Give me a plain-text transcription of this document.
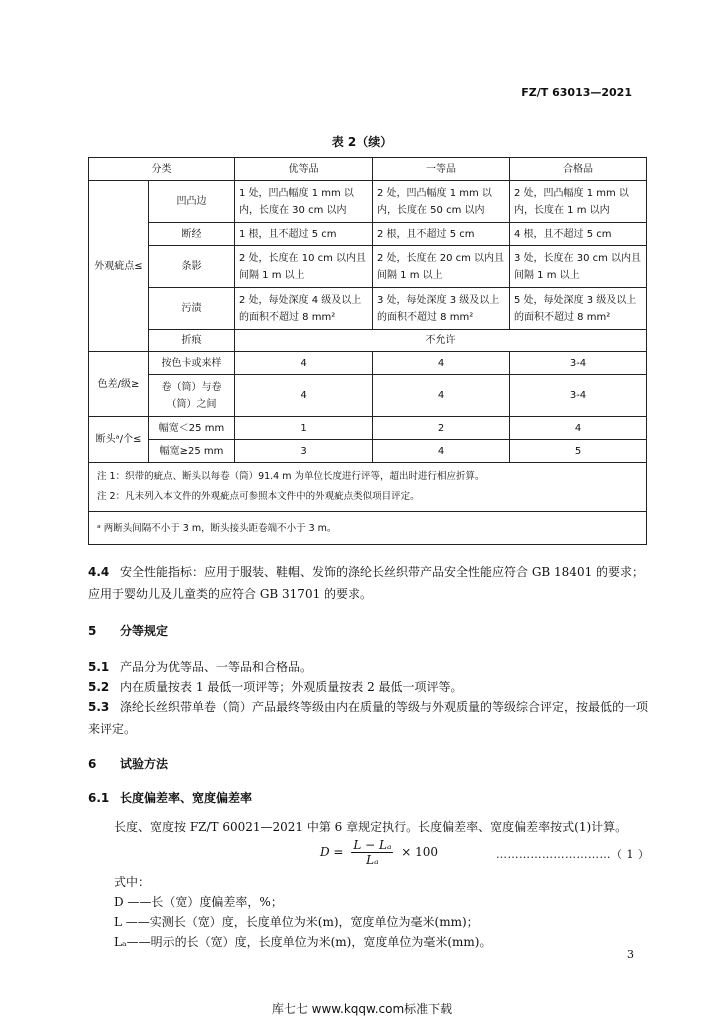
FZ/T 63013—2021
表 2（续）
分类		优等品	一等品	合格品
外观疵点≤	凹凸边	1 处，凹凸幅度 1 mm 以内，长度在 30 cm 以内	2 处，凹凸幅度 1 mm 以内，长度在 50 cm 以内	2 处，凹凸幅度 1 mm 以内，长度在 1 m 以内
	断经	1 根，且不超过 5 cm	2 根，且不超过 5 cm	4 根，且不超过 5 cm
	条影	2 处，长度在 10 cm 以内且间隔 1 m 以上	2 处，长度在 20 cm 以内且间隔 1 m 以上	3 处，长度在 30 cm 以内且间隔 1 m 以上
	污渍	2 处，每处深度 4 级及以上的面积不超过 8 mm²	3 处，每处深度 3 级及以上的面积不超过 8 mm²	5 处，每处深度 3 级及以上的面积不超过 8 mm²
	折痕	不允许		
色差/级≥	按色卡或来样	4	4	3-4
	卷（筒）与卷（筒）之间	4	4	3-4
断头ᵃ/个≤	幅宽＜25 mm	1	2	4
	幅宽≥25 mm	3	4	5

注 1：织带的疵点、断头以每卷（筒）91.4 m 为单位长度进行评等，超出时进行相应折算。
注 2：凡未列入本文件的外观疵点可参照本文件中的外观疵点类似项目评定。				

ᵃ 两断头间隔不小于 3 m，断头接头距卷端不小于 3 m。				
4.4 安全性能指标：应用于服装、鞋帽、发饰的涤纶长丝织带产品安全性能应符合 GB 18401 的要求；应用于婴幼儿及儿童类的应符合 GB 31701 的要求。
5 分等规定
5.1 产品分为优等品、一等品和合格品。
5.2 内在质量按表 1 最低一项评等；外观质量按表 2 最低一项评等。
5.3 涤纶长丝织带单卷（筒）产品最终等级由内在质量的等级与外观质量的等级综合评定，按最低的一项来评定。
6 试验方法
6.1 长度偏差率、宽度偏差率
长度、宽度按 FZ/T 60021—2021 中第 6 章规定执行。长度偏差率、宽度偏差率按式(1)计算。
$D = \frac{\text{L − Lₐ}}{\text{Lₐ}} \times 100$	…………………………（ 1 ）
式中：
D ——长（宽）度偏差率，%；
L ——实测长（宽）度，长度单位为米(m)，宽度单位为毫米(mm)；
Lₐ——明示的长（宽）度，长度单位为米(m)，宽度单位为毫米(mm)。
3
库七七 www.kqqw.com标准下载
